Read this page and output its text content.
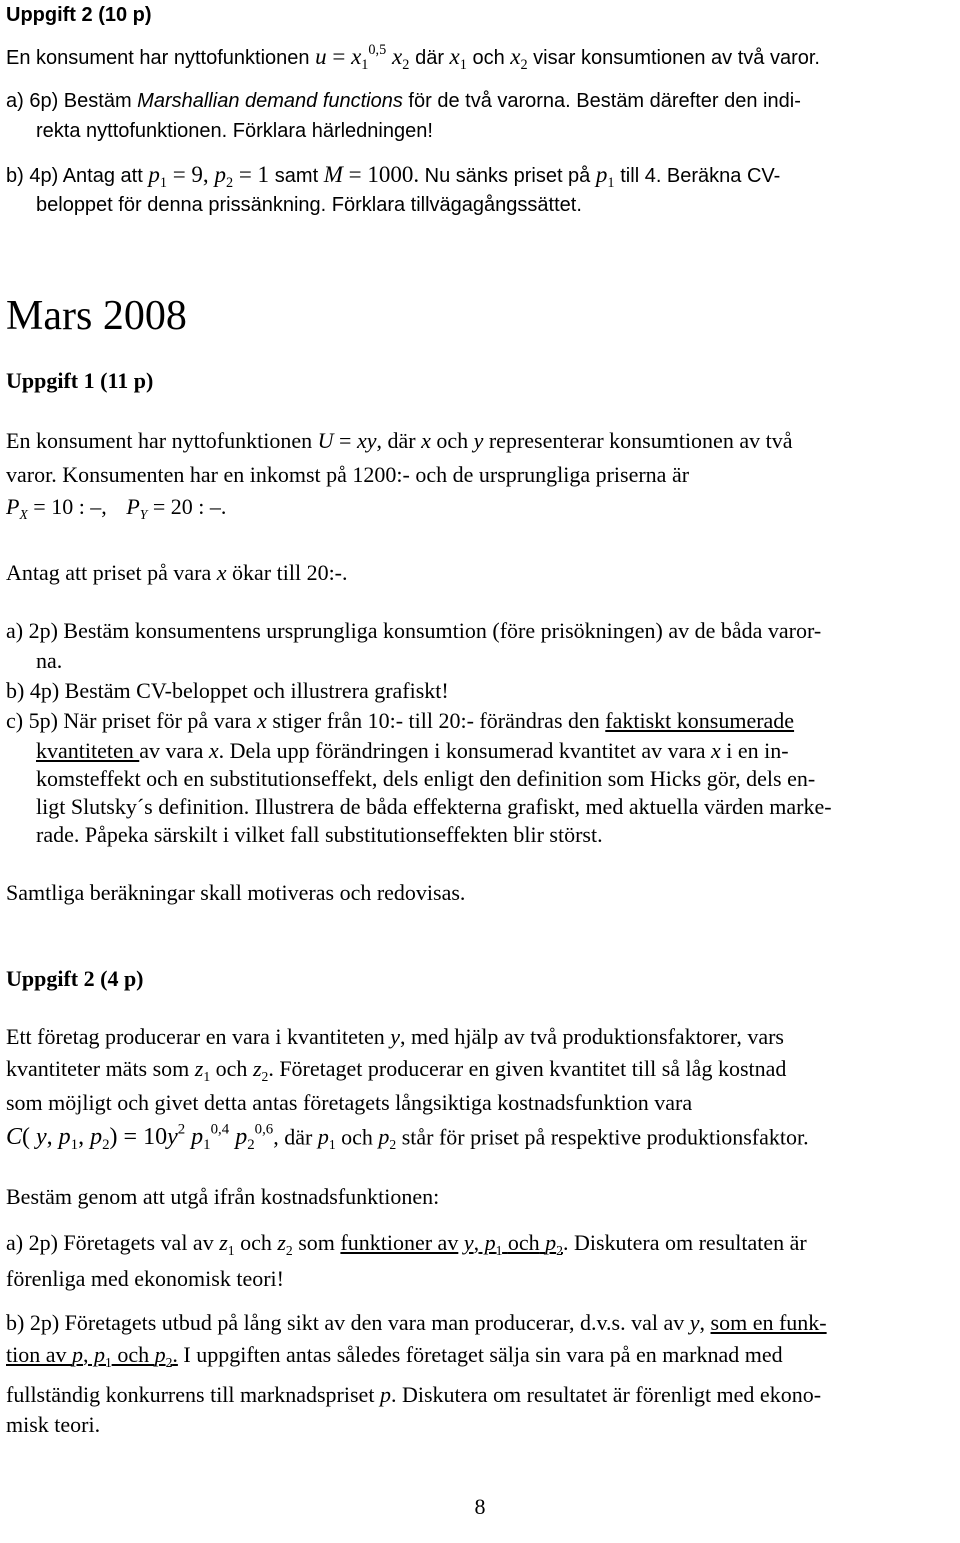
Uppgift 2 (10 p)
En konsument har nyttofunktionen $u = x_1^{0,5}$ $x_2$ där $x_1$ och $x_2$ visar konsumtionen av två varor.
a) 6p) Bestäm Marshallian demand functions för de två varorna. Bestäm därefter den indi-
rekta nyttofunktionen. Förklara härledningen!
b) 4p) Antag att $p_1 = 9$, $p_2 = 1$ samt M = 1000. Nu sänks priset på $p_1$ till 4. Beräkna CV-
beloppet för denna prissänkning. Förklara tillvägagångssättet.
Mars 2008
Uppgift 1 (11 p)
En konsument har nyttofunktionen U = xy, där x och y representerar konsumtionen av två
varor. Konsumenten har en inkomst på 1200:- och de ursprungliga priserna är
$P_X = 10$ : –, $P_Y = 20$ : –.
Antag att priset på vara x ökar till 20:-.
a) 2p) Bestäm konsumentens ursprungliga konsumtion (före prisökningen) av de båda varor-
na.
b) 4p) Bestäm CV-beloppet och illustrera grafiskt!
c) 5p) När priset för på vara x stiger från 10:- till 20:- förändras den faktiskt konsumerade
kvantiteten av vara x. Dela upp förändringen i konsumerad kvantitet av vara x i en in-
komsteffekt och en substitutionseffekt, dels enligt den definition som Hicks gör, dels en-
ligt Slutsky´s definition. Illustrera de båda effekterna grafiskt, med aktuella värden marke-
rade. Påpeka särskilt i vilket fall substitutionseffekten blir störst.
Samtliga beräkningar skall motiveras och redovisas.
Uppgift 2 (4 p)
Ett företag producerar en vara i kvantiteten y, med hjälp av två produktionsfaktorer, vars
kvantiteter mäts som $z_1$ och $z_2$. Företaget producerar en given kvantitet till så låg kostnad
som möjligt och givet detta antas företagets långsiktiga kostnadsfunktion vara
C( y, $p_1$, $p_2) = 10y^2$ $p_1^{0,4}$ $p_2^{0,6}$, där $p_1$ och $p_2$ står för priset på respektive produktionsfaktor.
Bestäm genom att utgå ifrån kostnadsfunktionen:
a) 2p) Företagets val av $z_1$ och $z_2$ som funktioner av y, $p_1$ och $p_2$. Diskutera om resultaten är
förenliga med ekonomisk teori!
b) 2p) Företagets utbud på lång sikt av den vara man producerar, d.v.s. val av y, som en funk-
tion av p, $p_1$ och $p_2$. I uppgiften antas således företaget sälja sin vara på en marknad med
fullständig konkurrens till marknadspriset p. Diskutera om resultatet är förenligt med ekono-
misk teori.
8
